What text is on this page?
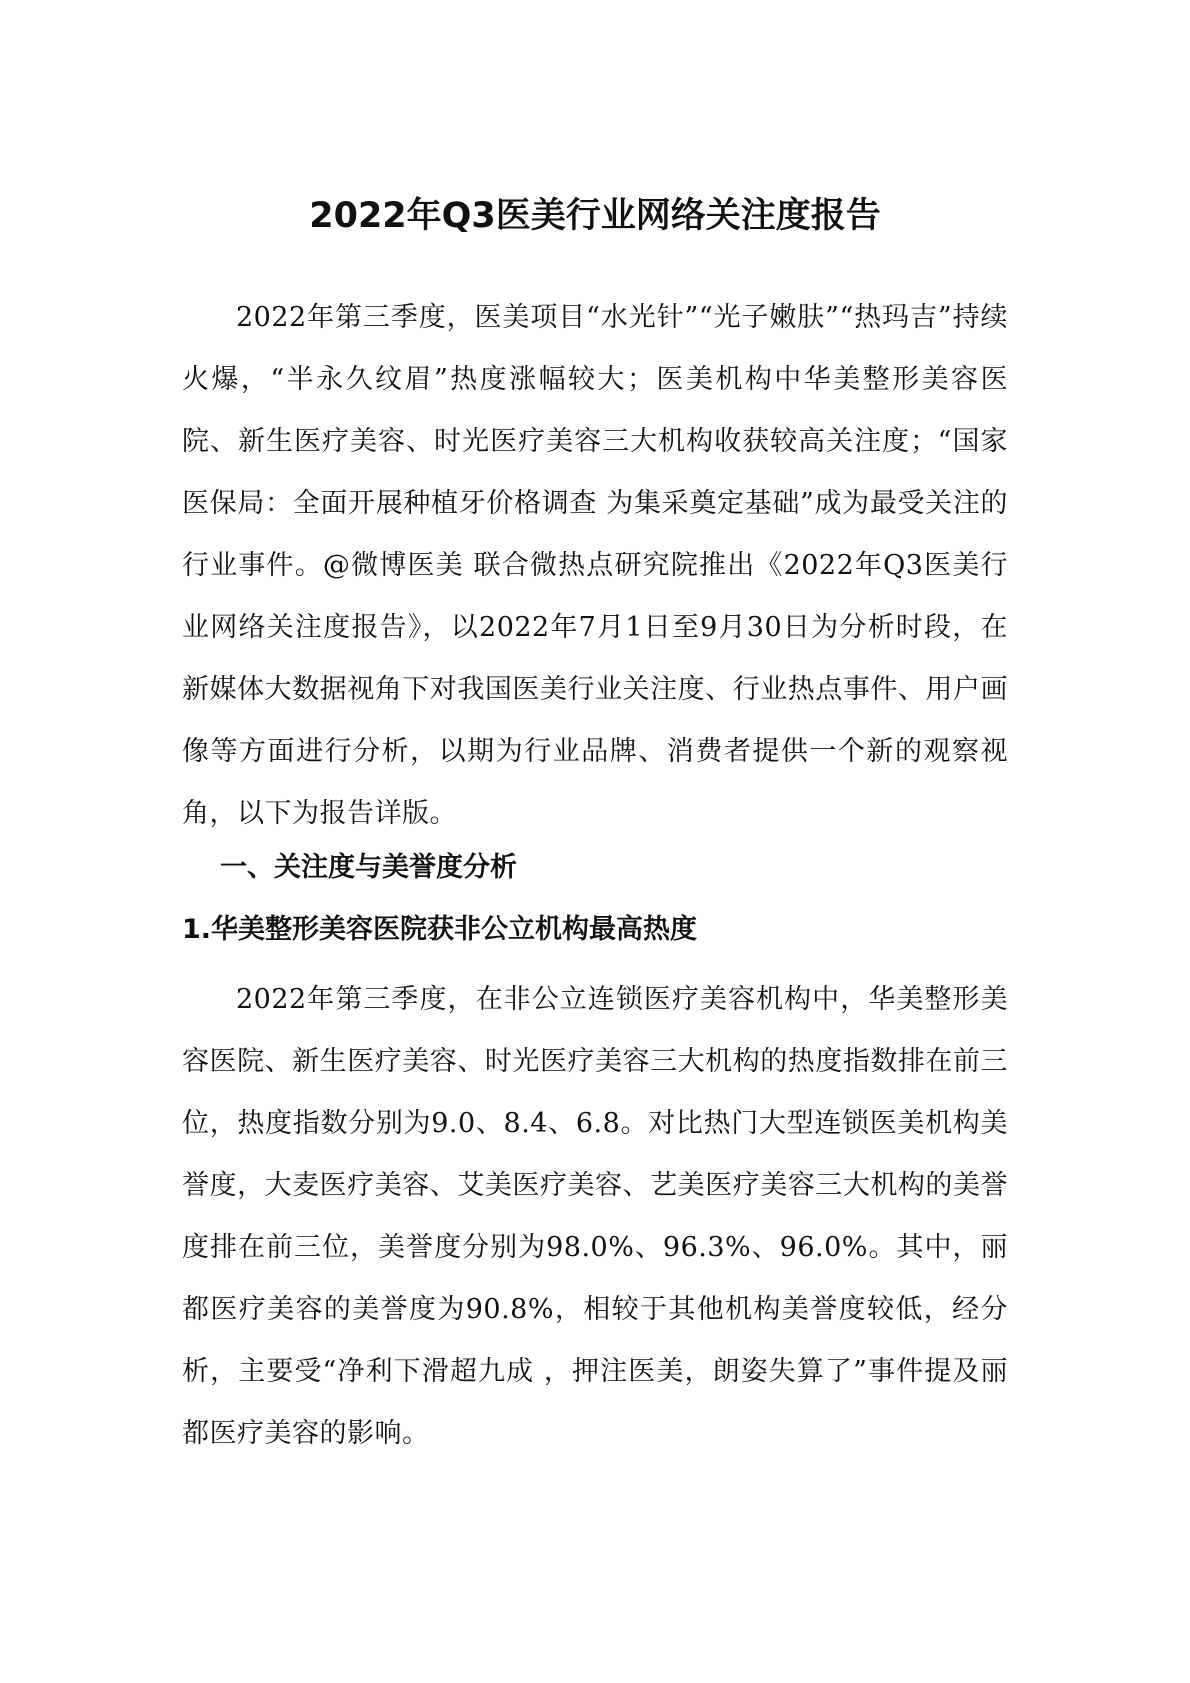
2022年Q3医美行业网络关注度报告

2022年第三季度，医美项目“水光针”“光子嫩肤”“热玛吉”持续火爆，“半永久纹眉”热度涨幅较大；医美机构中华美整形美容医院、新生医疗美容、时光医疗美容三大机构收获较高关注度；“国家医保局：全面开展种植牙价格调查 为集采奠定基础”成为最受关注的行业事件。@微博医美 联合微热点研究院推出《2022年Q3医美行业网络关注度报告》，以2022年7月1日至9月30日为分析时段，在新媒体大数据视角下对我国医美行业关注度、行业热点事件、用户画像等方面进行分析，以期为行业品牌、消费者提供一个新的观察视角，以下为报告详版。

一、关注度与美誉度分析
1.华美整形美容医院获非公立机构最高热度

2022年第三季度，在非公立连锁医疗美容机构中，华美整形美容医院、新生医疗美容、时光医疗美容三大机构的热度指数排在前三位，热度指数分别为9.0、8.4、6.8。对比热门大型连锁医美机构美誉度，大麦医疗美容、艾美医疗美容、艺美医疗美容三大机构的美誉度排在前三位，美誉度分别为98.0%、96.3%、96.0%。其中，丽都医疗美容的美誉度为90.8%，相较于其他机构美誉度较低，经分析，主要受“净利下滑超九成 ，押注医美，朗姿失算了”事件提及丽都医疗美容的影响。
